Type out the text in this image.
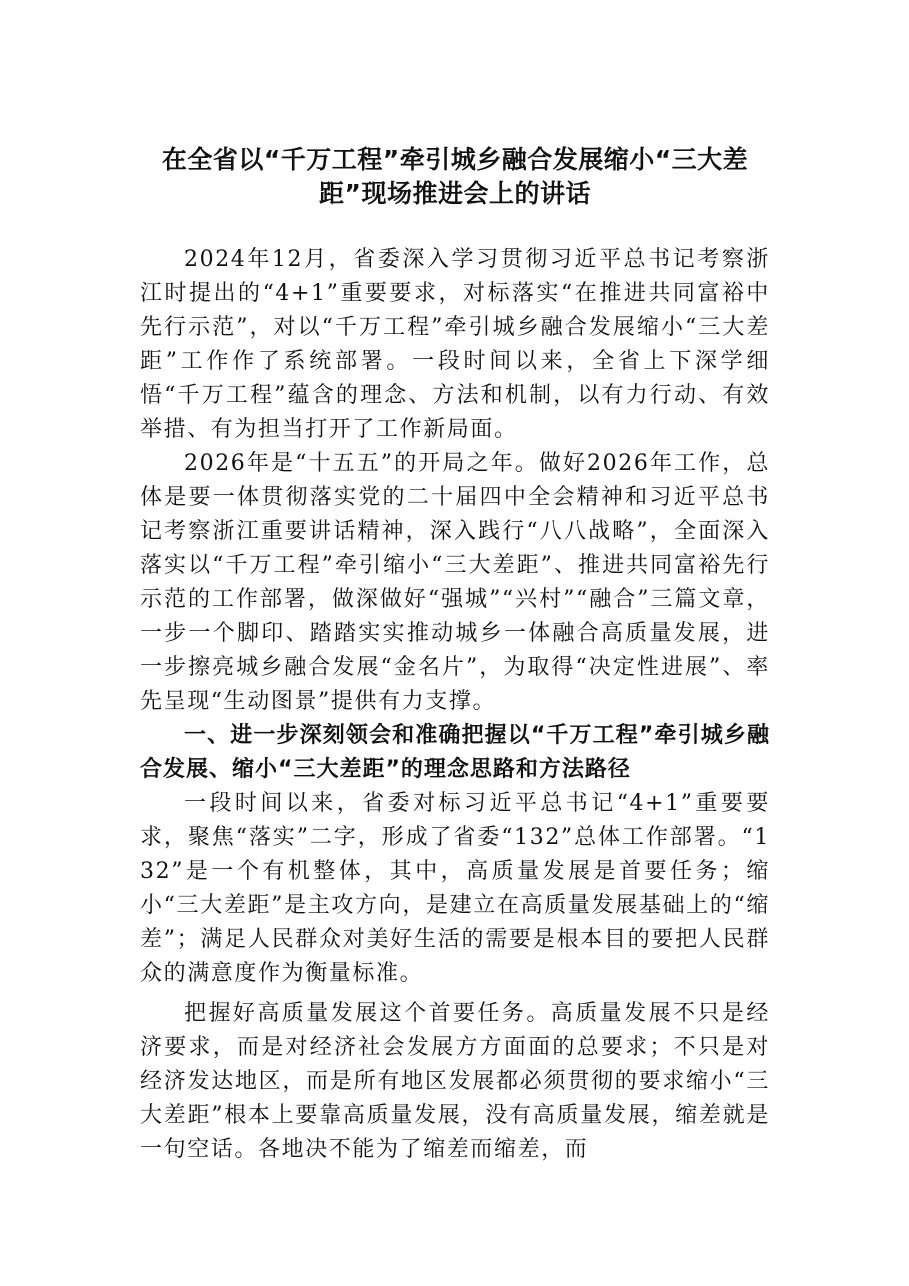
在全省以“千万工程”牵引城乡融合发展缩小“三大差距”现场推进会上的讲话

2024年12月，省委深入学习贯彻习近平总书记考察浙江时提出的“4+1”重要要求，对标落实“在推进共同富裕中先行示范”，对以“千万工程”牵引城乡融合发展缩小“三大差距”工作作了系统部署。一段时间以来，全省上下深学细悟“千万工程”蕴含的理念、方法和机制，以有力行动、有效举措、有为担当打开了工作新局面。

2026年是“十五五”的开局之年。做好2026年工作，总体是要一体贯彻落实党的二十届四中全会精神和习近平总书记考察浙江重要讲话精神，深入践行“八八战略”，全面深入落实以“千万工程”牵引缩小“三大差距”、推进共同富裕先行示范的工作部署，做深做好“强城”“兴村”“融合”三篇文章，一步一个脚印、踏踏实实推动城乡一体融合高质量发展，进一步擦亮城乡融合发展“金名片”，为取得“决定性进展”、率先呈现“生动图景”提供有力支撑。

一、进一步深刻领会和准确把握以“千万工程”牵引城乡融合发展、缩小“三大差距”的理念思路和方法路径

一段时间以来，省委对标习近平总书记“4+1”重要要求，聚焦“落实”二字，形成了省委“132”总体工作部署。“132”是一个有机整体，其中，高质量发展是首要任务；缩小“三大差距”是主攻方向，是建立在高质量发展基础上的“缩差”；满足人民群众对美好生活的需要是根本目的要把人民群众的满意度作为衡量标准。

把握好高质量发展这个首要任务。高质量发展不只是经济要求，而是对经济社会发展方方面面的总要求；不只是对经济发达地区，而是所有地区发展都必须贯彻的要求缩小“三大差距”根本上要靠高质量发展，没有高质量发展，缩差就是一句空话。各地决不能为了缩差而缩差，而
